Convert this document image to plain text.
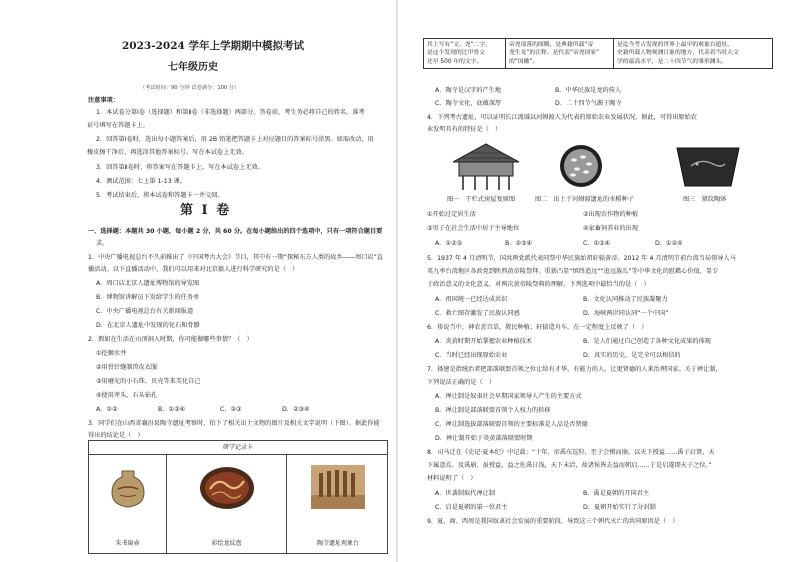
2023-2024 学年上学期期中模拟考试
七年级历史
（考试时间：90 分钟 试卷满分：100 分）
注意事项：
1．本试卷分第Ⅰ卷（选择题）和第Ⅱ卷（非选择题）两部分。答卷前，考生务必将自己的姓名、准考
证号填写在答题卡上。
2．回答第Ⅰ卷时，选出每小题答案后，用 2B 铅笔把答题卡上对应题目的答案标号涂黑。如需改动，用
橡皮擦干净后，再选涂其他答案标号。写在本试卷上无效。
3．回答第Ⅱ卷时，将答案写在答题卡上。写在本试卷上无效。
4．测试范围：七上第 1-13 课。
5．考试结束后，将本试卷和答题卡一并交回。
第 Ⅰ 卷
一、选择题：本题共 30 小题，每小题 2 分，共 60 分。在每小题给出的四个选项中，只有一项符合题目要
求。
1．中央广播电视总台不久前推出了《中国考古大会》节目，其中有一期“探秘东方人类的故乡——周口店”直
播活动。以下直播活动中，我们可以用来对北京猿人进行科学研究的是（　）
A．周口店北京人遗址博物馆的导览图
B．博物馆讲解员下发给学生的任务单
C．中央广播电视总台有关新闻报道
D．在北京人遗址中发现的化石和骨骼
2．假如在生活在山顶洞人时期，你可能做哪些事情？（　）
①挖掘水井
②用骨针缝制兽皮衣服
③用磨光的小石珠、贝壳等来美化自己
④使用斧头、石头钻孔
A．①②	B．①③④	C．②③	D．②③④
3．同学们在山西省襄汾县陶寺遗址考察时，拍下了相关出土文物的图片及相关文字说明（下图）。据此你能
得出的结论是（　）
研学记录卡
朱书扁壶	彩绘龙纹盘	陶寺遗址观象台
其上写有“文、尧”二字，
是这个发现的比甲骨文
还早 500 年的文字。

帝尧部落的图腾，是典籍所载“帝
尧生龙”的注释。是代表“帝尧国家”
的“国徽”。

是迄今考古发现的世界上最早的观象台遗址，
史籍所载人物观测日象的地方，代表着当时天文
学的最高水平，是二十四节气的雏形渊头。
A．陶寺是汉字的产生地	B．中华民族是龙的传人
C．陶寺文化，底蕴深厚	D．二十四节气源于陶寺
4．下列考古遗址，可以证明长江流域以河姆渡人为代表的原始农业发展状况。据此，可得出原始农
业发明具有的特征是（　）
图一　干栏式房屋复原图	图二　出土于河姆渡遗址的水稻种子	图三　猪纹陶钵
①开始过定居生活	②出现农作物的种植
③男子在社会生活中居于主导地位	④家畜饲养业的出现
A．①②③	B．②③④	C．①③④	D．①②④
5．1937 年 4 月清明节，国共两党派代表同祭中华民族始祖轩辕黄帝。2012 年 4 月清明节前台湾当局领导人马
英九率台湾地区各政党到陕西黄帝陵祭拜。重新凸显“慎终追远”“追远族长”等中华文化的慰藉心价值，显专
于政治意义的文化意义，对两次黄帝陵祭典的理解，下列选项中最恰当的是（　）
A．祖国统一已经达成共识	B．文化认同推动了民族凝聚力
C．救亡图存激发了民族认同感	D．海峡两岸同认同“一个中国”
6．传说当中，神农尝百草，教民种植；轩辕造舟车，在一定程度上反映了（　）
A．炎黄时期开始掌握农业种植技术	B．是人们通过自己创造了各种文化成果的体现
C．当时已经出现原始农业	D．真实的历史，是完全可以相信的
7．择建是指统治者把部落联盟首领之位让给有才华、有能力的人，让更贤德的人来治理国家。关于禅让制，
下列说法正确的是（　）
A．禅让制是奴隶社会早期国家领导人产生的主要方式
B．禅让制是部落联盟首领个人权力的转移
C．禅让制选拔部落联盟首领的主要标准是人品是否贤德
D．禅让制开始于炎黄部落联盟时期
8．司马迁在《史记·夏本纪》中记载：“十年，帝禹东巡狩，至于会稽而崩。以天下授益……禹子启贤，天
下属意焉。及禹崩，虽授益，益之佐禹日浅，天下未洽，故诸侯皆去益而朝启……于是启遂即天子之位。”
材料说明了（　）
A．世袭制取代禅让制	B．禹是夏朝的开国君主
C．启是夏朝的第一位君主	D．夏朝开始实行了分封制
9．夏、商、西周是我国奴隶社会发展的重要阶段，导致这三个朝代灭亡的共同原因是（　）
